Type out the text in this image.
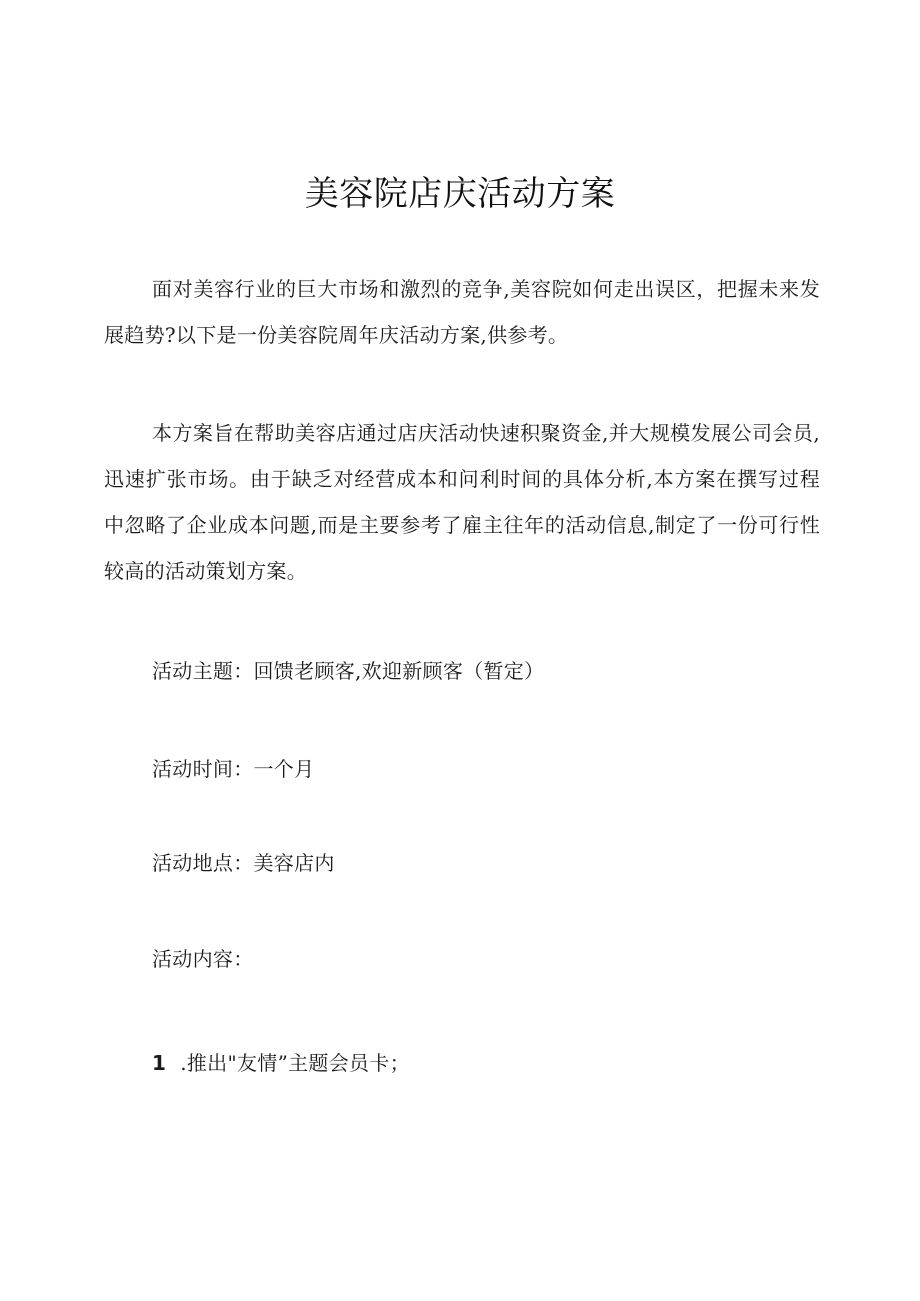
美容院店庆活动方案

面对美容行业的巨大市场和激烈的竞争,美容院如何走出误区，把握未来发展趋势?以下是一份美容院周年庆活动方案,供参考。

本方案旨在帮助美容店通过店庆活动快速积聚资金,并大规模发展公司会员,迅速扩张市场。由于缺乏对经营成本和问利时间的具体分析,本方案在撰写过程中忽略了企业成本问题,而是主要参考了雇主往年的活动信息,制定了一份可行性较高的活动策划方案。

活动主题：回馈老顾客,欢迎新顾客（暂定）

活动时间：一个月

活动地点：美容店内

活动内容：

1 .推出"友情”主题会员卡；
